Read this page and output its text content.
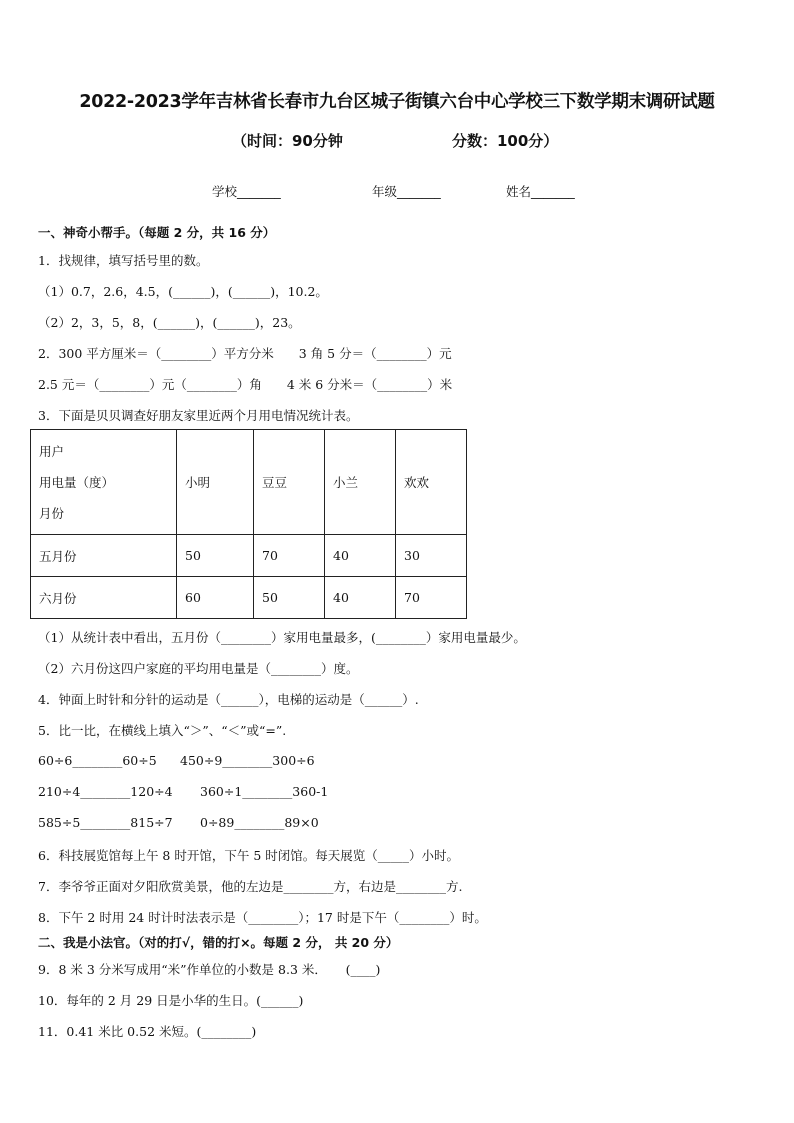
2022-2023学年吉林省长春市九台区城子街镇六台中心学校三下数学期末调研试题
（时间：90分钟	分数：100分）
学校_______	年级_______	姓名_______
一、神奇小帮手。（每题 2 分，共 16 分）
1．找规律，填写括号里的数。
（1）0.7，2.6，4.5，(______)，(______)，10.2。
（2）2，3，5，8，(______)，(______)，23。
2．300 平方厘米＝（________）平方分米　　3 角 5 分＝（________）元
2.5 元＝（________）元（________）角　　4 米 6 分米＝（________）米
3．下面是贝贝调查好朋友家里近两个月用电情况统计表。
用户
用电量（度）
月份	小明	豆豆	小兰	欢欢
五月份	50	70	40	30
六月份	60	50	40	70
（1）从统计表中看出，五月份（________）家用电量最多，(________）家用电量最少。
（2）六月份这四户家庭的平均用电量是（________）度。
4．钟面上时针和分针的运动是（______），电梯的运动是（______）.
5．比一比，在横线上填入“＞”、“＜”或“=”.
60÷6________60÷5 450÷9________300÷6
210÷4________120÷4 360÷1________360-1
585÷5________815÷7 0÷89________89×0
6．科技展览馆每上午 8 时开馆，下午 5 时闭馆。每天展览（_____）小时。
7．李爷爷正面对夕阳欣赏美景，他的左边是________方，右边是________方.
8．下午 2 时用 24 时计时法表示是（________）；17 时是下午（________）时。
二、我是小法官。（对的打√，错的打×。每题 2 分， 共 20 分）
9．8 米 3 分米写成用“米”作单位的小数是 8.3 米．　　(____)
10．每年的 2 月 29 日是小华的生日。(______)
11．0.41 米比 0.52 米短。(________)
